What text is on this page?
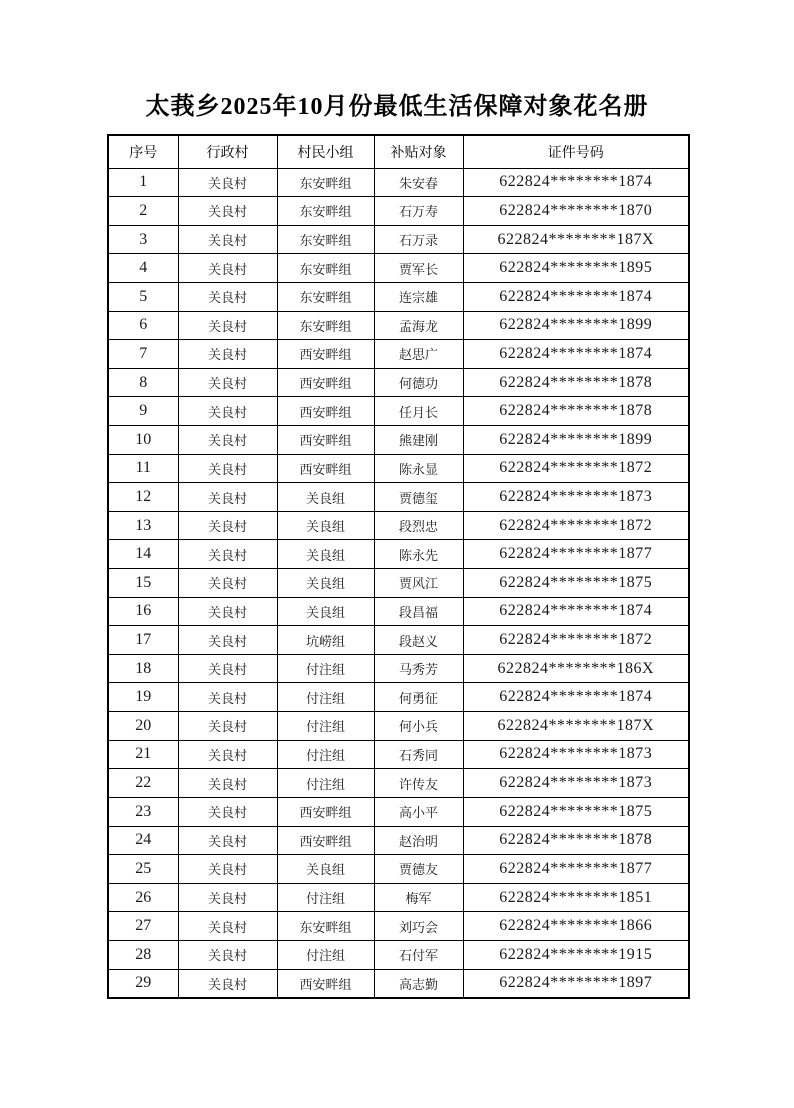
太莪乡2025年10月份最低生活保障对象花名册
序号	行政村	村民小组	补贴对象	证件号码
1	关良村	东安畔组	朱安春	622824********1874
2	关良村	东安畔组	石万寿	622824********1870
3	关良村	东安畔组	石万录	622824********187X
4	关良村	东安畔组	贾军长	622824********1895
5	关良村	东安畔组	连宗雄	622824********1874
6	关良村	东安畔组	孟海龙	622824********1899
7	关良村	西安畔组	赵思广	622824********1874
8	关良村	西安畔组	何德功	622824********1878
9	关良村	西安畔组	任月长	622824********1878
10	关良村	西安畔组	熊建刚	622824********1899
11	关良村	西安畔组	陈永显	622824********1872
12	关良村	关良组	贾德玺	622824********1873
13	关良村	关良组	段烈忠	622824********1872
14	关良村	关良组	陈永先	622824********1877
15	关良村	关良组	贾风江	622824********1875
16	关良村	关良组	段昌福	622824********1874
17	关良村	坑崂组	段赵义	622824********1872
18	关良村	付注组	马秀芳	622824********186X
19	关良村	付注组	何勇征	622824********1874
20	关良村	付注组	何小兵	622824********187X
21	关良村	付注组	石秀同	622824********1873
22	关良村	付注组	许传友	622824********1873
23	关良村	西安畔组	高小平	622824********1875
24	关良村	西安畔组	赵治明	622824********1878
25	关良村	关良组	贾德友	622824********1877
26	关良村	付注组	梅军	622824********1851
27	关良村	东安畔组	刘巧会	622824********1866
28	关良村	付注组	石付军	622824********1915
29	关良村	西安畔组	高志勤	622824********1897
